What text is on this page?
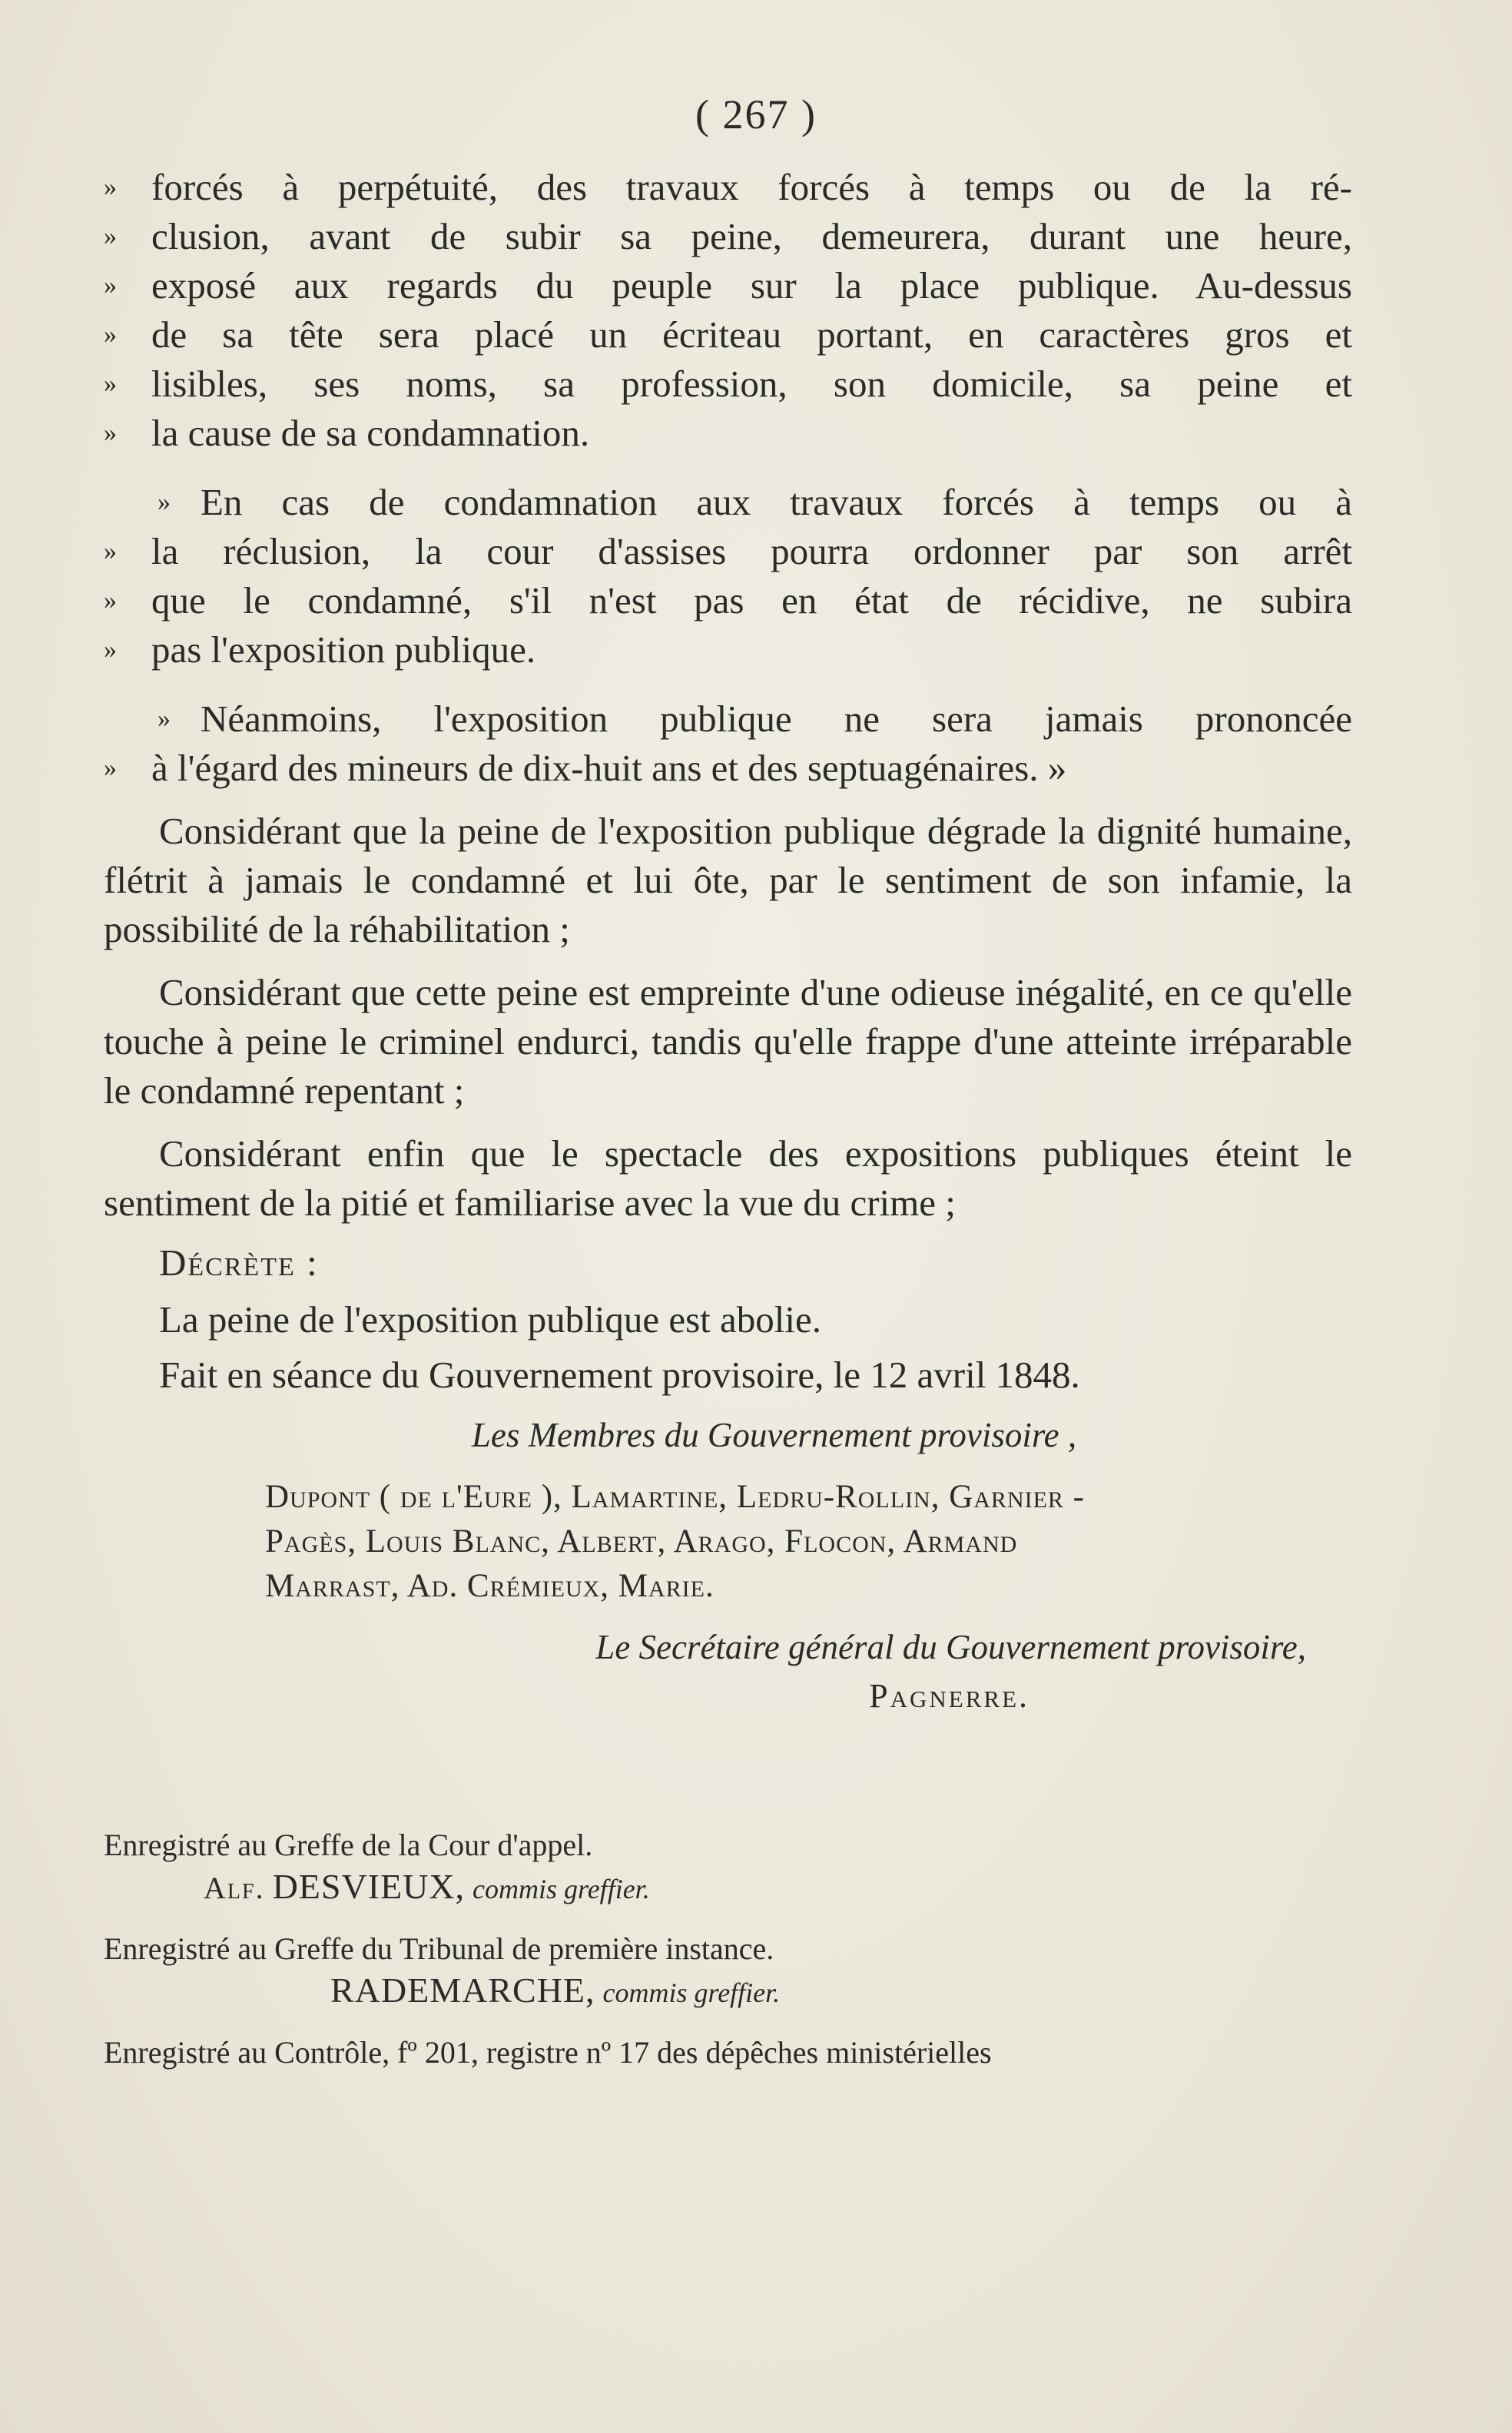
( 267 )
» forcés à perpétuité, des travaux forcés à temps ou de la ré-
» clusion, avant de subir sa peine, demeurera, durant une heure,
» exposé aux regards du peuple sur la place publique. Au-dessus
» de sa tête sera placé un écriteau portant, en caractères gros et
» lisibles, ses noms, sa profession, son domicile, sa peine et
» la cause de sa condamnation.
» En cas de condamnation aux travaux forcés à temps ou à
» la réclusion, la cour d'assises pourra ordonner par son arrêt
» que le condamné, s'il n'est pas en état de récidive, ne subira
» pas l'exposition publique.
» Néanmoins, l'exposition publique ne sera jamais prononcée
» à l'égard des mineurs de dix-huit ans et des septuagénaires. »

Considérant que la peine de l'exposition publique dégrade la dignité humaine, flétrit à jamais le condamné et lui ôte, par le sentiment de son infamie, la possibilité de la réhabilitation ;

Considérant que cette peine est empreinte d'une odieuse inégalité, en ce qu'elle touche à peine le criminel endurci, tandis qu'elle frappe d'une atteinte irréparable le condamné repentant ;

Considérant enfin que le spectacle des expositions publiques éteint le sentiment de la pitié et familiarise avec la vue du crime ;

Décrète :
La peine de l'exposition publique est abolie.
Fait en séance du Gouvernement provisoire, le 12 avril 1848.
Les Membres du Gouvernement provisoire ,
Dupont ( de l'Eure ), Lamartine, Ledru-Rollin, Garnier -
Pagès, Louis Blanc, Albert, Arago, Flocon, Armand
Marrast, Ad. Crémieux, Marie.
Le Secrétaire général du Gouvernement provisoire,
Pagnerre.
Enregistré au Greffe de la Cour d'appel.
Alf. DESVIEUX, commis greffier.
Enregistré au Greffe du Tribunal de première instance.
RADEMARCHE, commis greffier.
Enregistré au Contrôle, fº 201, registre nº 17 des dépêches ministérielles
